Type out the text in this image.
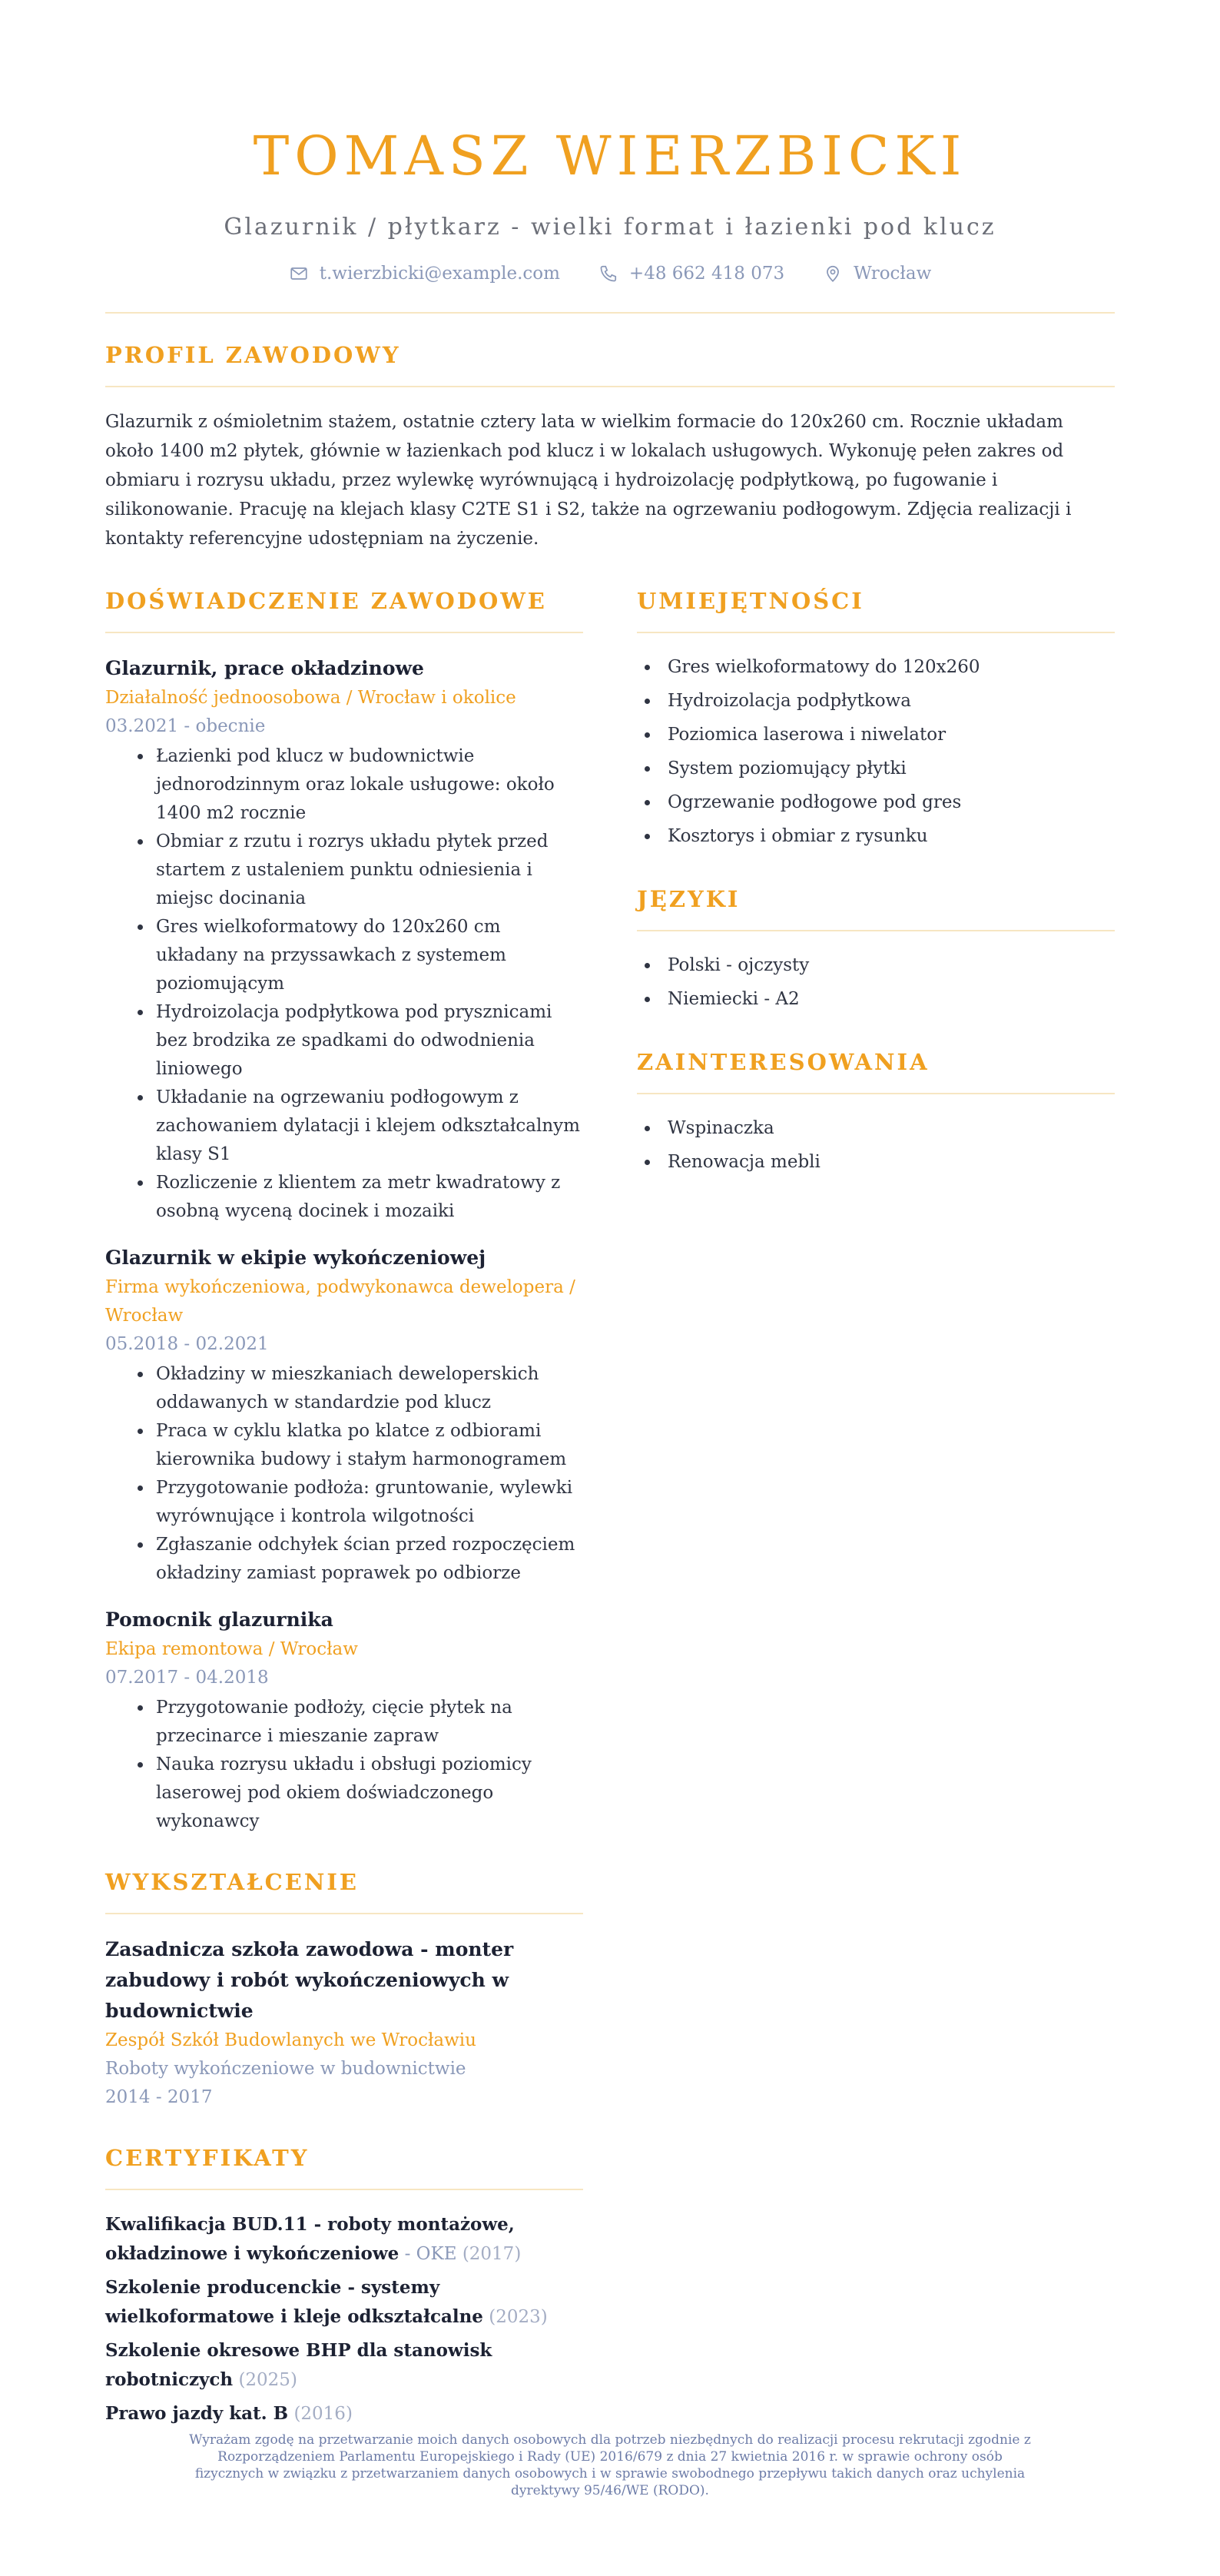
TOMASZ WIERZBICKI
Glazurnik / płytkarz - wielki format i łazienki pod klucz
t.wierzbicki@example.com	+48 662 418 073	Wrocław
PROFIL ZAWODOWY

Glazurnik z ośmioletnim stażem, ostatnie cztery lata w wielkim formacie do 120x260 cm. Rocznie układam około 1400 m2 płytek, głównie w łazienkach pod klucz i w lokalach usługowych. Wykonuję pełen zakres od obmiaru i rozrysu układu, przez wylewkę wyrównującą i hydroizolację podpłytkową, po fugowanie i silikonowanie. Pracuję na klejach klasy C2TE S1 i S2, także na ogrzewaniu podłogowym. Zdjęcia realizacji i kontakty referencyjne udostępniam na życzenie.

DOŚWIADCZENIE ZAWODOWE
Glazurnik, prace okładzinowe
Działalność jednoosobowa / Wrocław i okolice
03.2021 - obecnie
• Łazienki pod klucz w budownictwie jednorodzinnym oraz lokale usługowe: około 1400 m2 rocznie
• Obmiar z rzutu i rozrys układu płytek przed startem z ustaleniem punktu odniesienia i miejsc docinania
• Gres wielkoformatowy do 120x260 cm układany na przyssawkach z systemem poziomującym
• Hydroizolacja podpłytkowa pod prysznicami bez brodzika ze spadkami do odwodnienia liniowego
• Układanie na ogrzewaniu podłogowym z zachowaniem dylatacji i klejem odkształcalnym klasy S1
• Rozliczenie z klientem za metr kwadratowy z osobną wyceną docinek i mozaiki
Glazurnik w ekipie wykończeniowej
Firma wykończeniowa, podwykonawca dewelopera / Wrocław
05.2018 - 02.2021
• Okładziny w mieszkaniach deweloperskich oddawanych w standardzie pod klucz
• Praca w cyklu klatka po klatce z odbiorami kierownika budowy i stałym harmonogramem
• Przygotowanie podłoża: gruntowanie, wylewki wyrównujące i kontrola wilgotności
• Zgłaszanie odchyłek ścian przed rozpoczęciem okładziny zamiast poprawek po odbiorze
Pomocnik glazurnika
Ekipa remontowa / Wrocław
07.2017 - 04.2018
• Przygotowanie podłoży, cięcie płytek na przecinarce i mieszanie zapraw
• Nauka rozrysu układu i obsługi poziomicy laserowej pod okiem doświadczonego wykonawcy
WYKSZTAŁCENIE
Zasadnicza szkoła zawodowa - monter zabudowy i robót wykończeniowych w budownictwie
Zespół Szkół Budowlanych we Wrocławiu
Roboty wykończeniowe w budownictwie
2014 - 2017
CERTYFIKATY
Kwalifikacja BUD.11 - roboty montażowe, okładzinowe i wykończeniowe - OKE (2017)
Szkolenie producenckie - systemy wielkoformatowe i kleje odkształcalne (2023)
Szkolenie okresowe BHP dla stanowisk robotniczych (2025)
Prawo jazdy kat. B (2016)
UMIEJĘTNOŚCI
• Gres wielkoformatowy do 120x260
• Hydroizolacja podpłytkowa
• Poziomica laserowa i niwelator
• System poziomujący płytki
• Ogrzewanie podłogowe pod gres
• Kosztorys i obmiar z rysunku
JĘZYKI
• Polski - ojczysty
• Niemiecki - A2
ZAINTERESOWANIA
• Wspinaczka
• Renowacja mebli
Wyrażam zgodę na przetwarzanie moich danych osobowych dla potrzeb niezbędnych do realizacji procesu rekrutacji zgodnie z Rozporządzeniem Parlamentu Europejskiego i Rady (UE) 2016/679 z dnia 27 kwietnia 2016 r. w sprawie ochrony osób fizycznych w związku z przetwarzaniem danych osobowych i w sprawie swobodnego przepływu takich danych oraz uchylenia dyrektywy 95/46/WE (RODO).
